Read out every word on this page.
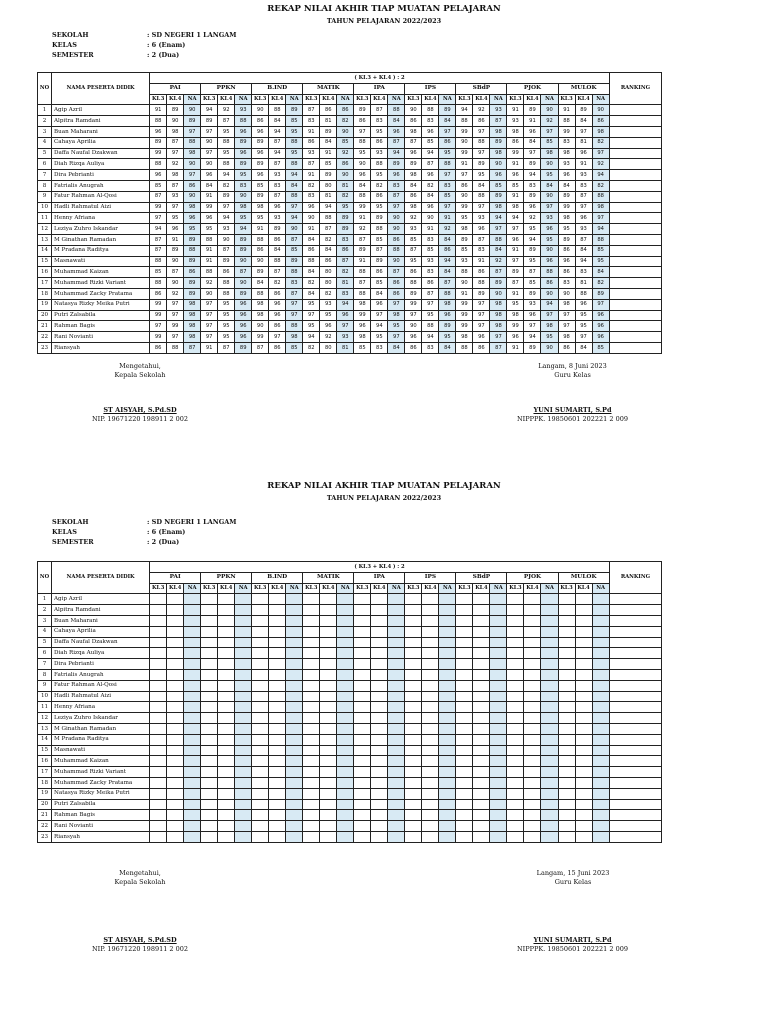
REKAP NILAI AKHIR TIAP MUATAN PELAJARAN
TAHUN PELAJARAN 2022/2023
SEKOLAH	: SD NEGERI 1 LANGAM
KELAS	: 6 (Enam)
SEMESTER	: 2 (Dua)
NO	NAMA PESERTA DIDIK	( KI.3 + KI.4 ) : 2																											RANKING
		PAI			PPKN			B.IND			MATIK			IPA			IPS			SBdP			PJOK			MULOK			
		KI.3	KI.4	NA	KI.3	KI.4	NA	KI.3	KI.4	NA	KI.3	KI.4	NA	KI.3	KI.4	NA	KI.3	KI.4	NA	KI.3	KI.4	NA	KI.3	KI.4	NA	KI.3	KI.4	NA	
1	Agip Azril	91	89	90	94	92	93	90	88	89	87	86	86	89	87	88	90	88	89	94	92	93	91	89	90	91	89	90	
2	Alpitra Ramdani	88	90	89	89	87	88	86	84	85	83	81	82	86	83	84	86	83	84	88	86	87	93	91	92	88	84	86	
3	Buan Maharani	96	98	97	97	95	96	96	94	95	91	89	90	97	95	96	98	96	97	99	97	98	98	96	97	99	97	98	
4	Cahaya Aprilia	89	87	88	90	88	89	89	87	88	86	84	85	88	86	87	87	85	86	90	88	89	86	84	85	83	81	82	
5	Daffa Naufal Dzakwan	99	97	98	97	95	96	96	94	95	93	91	92	95	93	94	96	94	95	99	97	98	99	97	98	98	96	97	
6	Diah Rizqa Auliya	88	92	90	90	88	89	89	87	88	87	85	86	90	88	89	89	87	88	91	89	90	91	89	90	93	91	92	
7	Dira Pebrianti	96	98	97	96	94	95	96	93	94	91	89	90	96	95	96	98	96	97	97	95	96	96	94	95	96	93	94	
8	Fatrialis Anugrah	85	87	86	84	82	83	85	83	84	82	80	81	84	82	83	84	82	83	86	84	85	85	83	84	84	83	82	
9	Fatur Rahman Al-Qosi	87	93	90	91	89	90	89	87	88	83	81	82	88	86	87	86	84	85	90	88	89	91	89	90	89	87	88	
10	Hadli Rahmatul Aizi	99	97	98	99	97	98	98	96	97	96	94	95	99	95	97	98	96	97	99	97	98	98	96	97	99	97	98	
11	Henny Afriana	97	95	96	96	94	95	95	93	94	90	88	89	91	89	90	92	90	91	95	93	94	94	92	93	98	96	97	
12	Leziya Zuhro Iskandar	94	96	95	95	93	94	91	89	90	91	87	89	92	88	90	93	91	92	98	96	97	97	95	96	95	93	94	
13	M Ginathan Ramadan	87	91	89	88	90	89	88	86	87	84	82	83	87	85	86	85	83	84	89	87	88	96	94	95	89	87	88	
14	M Pradana Raditya	87	89	88	91	87	89	86	84	85	86	84	86	89	87	88	87	85	86	85	83	84	91	89	90	86	84	85	
15	Masnawati	88	90	89	91	89	90	90	88	89	88	86	87	91	89	90	95	93	94	93	91	92	97	95	96	96	94	95	
16	Muhammad Kaizan	85	87	86	88	86	87	89	87	88	84	80	82	88	86	87	86	83	84	88	86	87	89	87	88	86	83	84	
17	Muhammad Rizki Variant	88	90	89	92	88	90	84	82	83	82	80	81	87	85	86	88	86	87	90	88	89	87	85	86	83	81	82	
18	Muhammad Zacky Pratama	86	92	89	90	88	89	88	86	87	84	82	83	88	84	86	89	87	88	91	89	90	91	89	90	90	88	89	
19	Natasya Rizky Meika Putri	99	97	98	97	95	96	98	96	97	95	93	94	98	96	97	99	97	98	99	97	98	95	93	94	98	96	97	
20	Putri Zalsabila	99	97	98	97	95	96	98	96	97	97	95	96	99	97	98	97	95	96	99	97	98	98	96	97	97	95	96	
21	Rahman Bagis	97	99	98	97	95	96	90	86	88	95	96	97	96	94	95	90	88	89	99	97	98	99	97	98	97	95	96	
22	Rani Novianti	99	97	98	97	95	96	99	97	98	94	92	93	98	95	97	96	94	95	98	96	97	96	94	95	98	97	96	
23	Riansyah	86	88	87	91	87	89	87	86	85	82	80	81	85	83	84	86	83	84	88	86	87	91	89	90	86	84	85	
Mengetahui,
Kepala Sekolah
ST AISYAH, S.Pd.SD
NIP. 19671220 198911 2 002
Langam, 8 Juni 2023
Guru Kelas
YUNI SUMARTI, S.Pd
NIPPPK. 19850601 202221 2 009
REKAP NILAI AKHIR TIAP MUATAN PELAJARAN
TAHUN PELAJARAN 2022/2023
SEKOLAH	: SD NEGERI 1 LANGAM
KELAS	: 6 (Enam)
SEMESTER	: 2 (Dua)
NO	NAMA PESERTA DIDIK	( KI.3 + KI.4 ) : 2																											RANKING
		PAI			PPKN			B.IND			MATIK			IPA			IPS			SBdP			PJOK			MULOK			
		KI.3	KI.4	NA	KI.3	KI.4	NA	KI.3	KI.4	NA	KI.3	KI.4	NA	KI.3	KI.4	NA	KI.3	KI.4	NA	KI.3	KI.4	NA	KI.3	KI.4	NA	KI.3	KI.4	NA	
1	Agip Azril																												
2	Alpitra Ramdani																												
3	Buan Maharani																												
4	Cahaya Aprilia																												
5	Daffa Naufal Dzakwan																												
6	Diah Rizqa Auliya																												
7	Dira Pebrianti																												
8	Fatrialis Anugrah																												
9	Fatur Rahman Al-Qosi																												
10	Hadli Rahmatul Aizi																												
11	Henny Afriana																												
12	Leziya Zuhro Iskandar																												
13	M Ginathan Ramadan																												
14	M Pradana Raditya																												
15	Masnawati																												
16	Muhammad Kaizan																												
17	Muhammad Rizki Variant																												
18	Muhammad Zacky Pratama																												
19	Natasya Rizky Meika Putri																												
20	Putri Zalsabila																												
21	Rahman Bagis																												
22	Rani Novianti																												
23	Riansyah																												
Mengetahui,
Kepala Sekolah
ST AISYAH, S.Pd.SD
NIP. 19671220 198911 2 002
Langam, 15 Juni 2023
Guru Kelas
YUNI SUMARTI, S.Pd
NIPPPK. 19850601 202221 2 009
